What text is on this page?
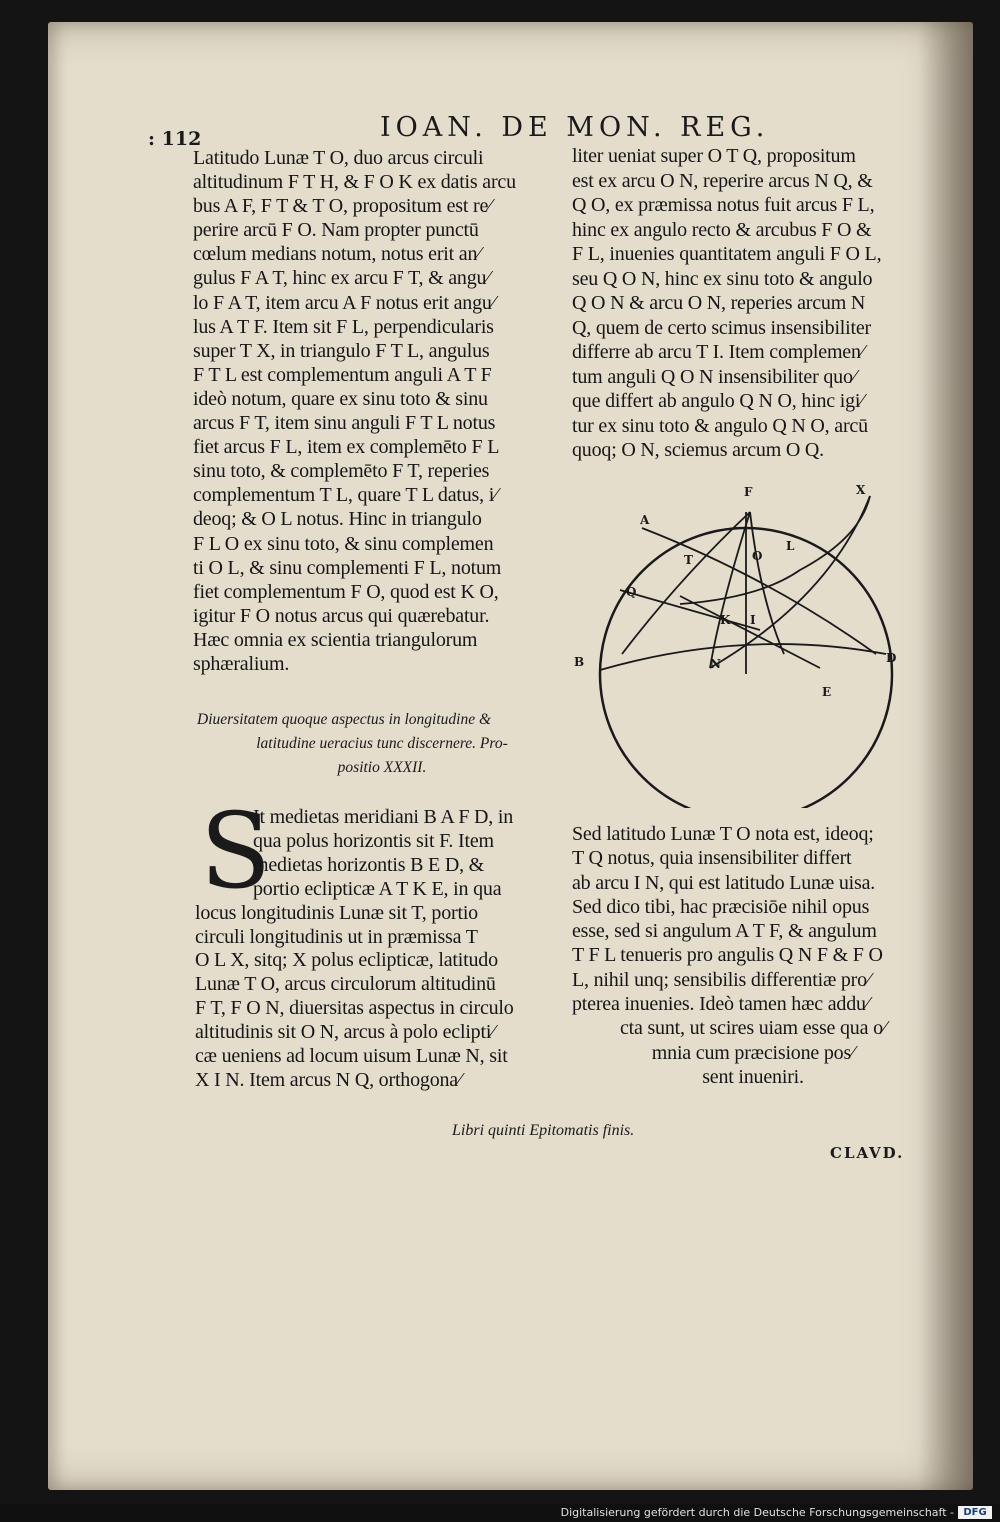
: 112	IOAN. DE MON. REG.
Latitudo Lunæ T O, duo arcus circuli
altitudinum F T H, & F O K ex datis arcu
bus A F, F T & T O, propositum est re⁄
perire arcū F O. Nam propter punctū
cœlum medians notum, notus erit an⁄
gulus F A T, hinc ex arcu F T, & angu⁄
lo F A T, item arcu A F notus erit angu⁄
lus A T F. Item sit F L, perpendicularis
super T X, in triangulo F T L, angulus
F T L est complementum anguli A T F
ideò notum, quare ex sinu toto & sinu
arcus F T, item sinu anguli F T L notus
fiet arcus F L, item ex complemēto F L
sinu toto, & complemēto F T, reperies
complementum T L, quare T L datus, i⁄
deoq; & O L notus. Hinc in triangulo
F L O ex sinu toto, & sinu complemen
ti O L, & sinu complementi F L, notum
fiet complementum F O, quod est K O,
igitur F O notus arcus qui quærebatur.
Hæc omnia ex scientia triangulorum
sphæralium.
liter ueniat super O T Q, propositum
est ex arcu O N, reperire arcus N Q, &
Q O, ex præmissa notus fuit arcus F L,
hinc ex angulo recto & arcubus F O &
F L, inuenies quantitatem anguli F O L,
seu Q O N, hinc ex sinu toto & angulo
Q O N & arcu O N, reperies arcum N
Q, quem de certo scimus insensibiliter
differre ab arcu T I. Item complemen⁄
tum anguli Q O N insensibiliter quo⁄
que differt ab angulo Q N O, hinc igi⁄
tur ex sinu toto & angulo Q N O, arcū
quoq; O N, sciemus arcum O Q.
Diuersitatem quoque aspectus in longitudine &
latitudine ueracius tunc discernere. Pro-
positio XXXII.
S
It medietas meridiani B A F D, in
qua polus horizontis sit F. Item
medietas horizontis B E D, &
portio eclipticæ A T K E, in qua
locus longitudinis Lunæ sit T, portio
circuli longitudinis ut in præmissa T
O L X, sitq; X polus eclipticæ, latitudo
Lunæ T O, arcus circulorum altitudinū
F T, F O N, diuersitas aspectus in circulo
altitudinis sit O N, arcus à polo eclipti⁄
cæ ueniens ad locum uisum Lunæ N, sit
X I N. Item arcus N Q, orthogona⁄
Sed latitudo Lunæ T O nota est, ideoq;
T Q notus, quia insensibiliter differt
ab arcu I N, qui est latitudo Lunæ uisa.
Sed dico tibi, hac præcisiōe nihil opus
esse, sed si angulum A T F, & angulum
T F L tenueris pro angulis Q N F & F O
L, nihil unq; sensibilis differentiæ pro⁄
pterea inuenies. Ideò tamen hæc addu⁄
cta sunt, ut scires uiam esse qua o⁄
mnia cum præcisione pos⁄
sent inueniri.
Libri quinti Epitomatis finis.
CLAVD.
F	X
A
T	O
L
Q
K I
N
B	D
E
Digitalisierung gefördert durch die Deutsche Forschungsgemeinschaft - DFG
